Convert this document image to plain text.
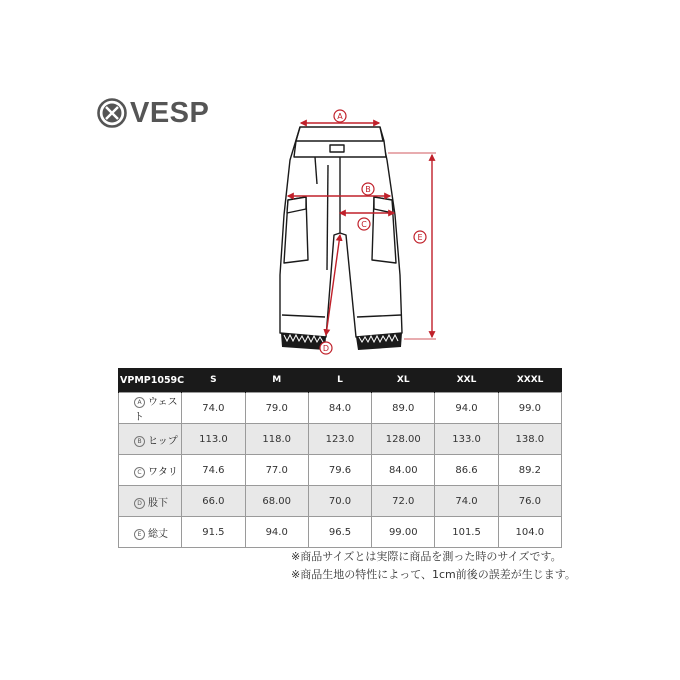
VESP	A
B
C
D
E
VPMP1059C	S	M	L	XL	XXL	XXXL
A ウェスト	74.0	79.0	84.0	89.0	94.0	99.0
B ヒップ	113.0	118.0	123.0	128.00	133.0	138.0
C ワタリ	74.6	77.0	79.6	84.00	86.6	89.2
D 股下	66.0	68.00	70.0	72.0	74.0	76.0
E 総丈	91.5	94.0	96.5	99.00	101.5	104.0
※商品サイズとは実際に商品を測った時のサイズです。
※商品生地の特性によって、1cm前後の誤差が生じます。
